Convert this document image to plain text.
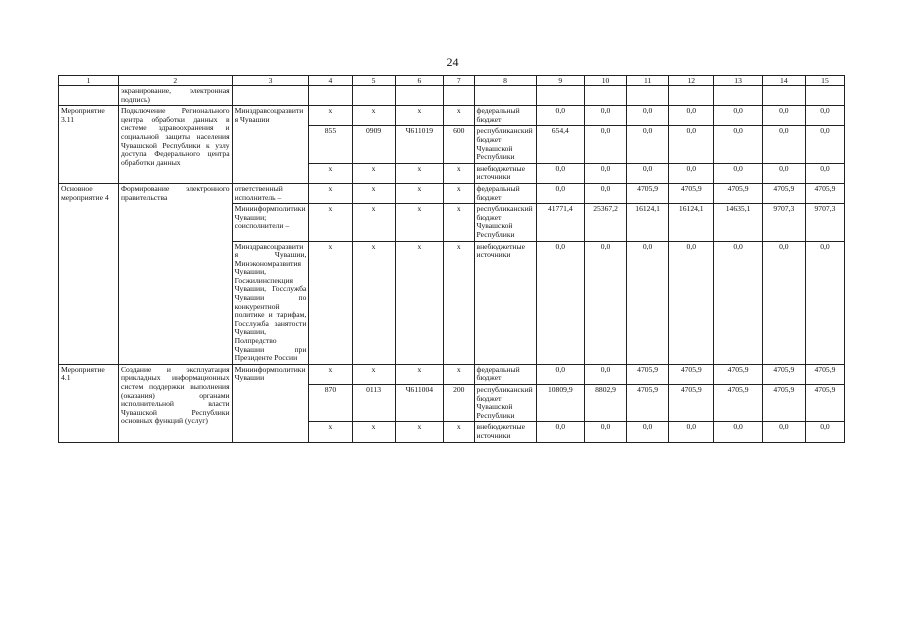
24
1	2	3	4	5	6	7	8	9	10	11	12	13	14	15
	экранирование, электронная подпись)													
Мероприятие 3.11	Подключение Регионального центра обработки данных в системе здравоохранения и социальной защиты населения Чувашской Республики к узлу доступа Федерального центра обработки данных	Минздравсоцразвития Чувашии	x	x	x	x	федеральный бюджет	0,0	0,0	0,0	0,0	0,0	0,0	0,0
			855	0909	Ч611019	600	республиканский бюджет Чувашской Республики	654,4	0,0	0,0	0,0	0,0	0,0	0,0
			x	x	x	x	внебюджетные источники	0,0	0,0	0,0	0,0	0,0	0,0	0,0
Основное мероприятие 4	Формирование электронного правительства	ответственный исполнитель –	x	x	x	x	федеральный бюджет	0,0	0,0	4705,9	4705,9	4705,9	4705,9	4705,9
		Мининформполитики Чувашии; соисполнители –	x	x	x	x	республиканский бюджет Чувашской Республики	41771,4	25367,2	16124,1	16124,1	14635,1	9707,3	9707,3
		Минздравсоцразвития Чувашии, Минэкономразвития Чувашии, Госжилинспекция Чувашии, Госслужба Чувашии по конкурентной политике и тарифам, Госслужба занятости Чувашии, Полпредство Чувашии при Президенте России	x	x	x	x	внебюджетные источники	0,0	0,0	0,0	0,0	0,0	0,0	0,0
Мероприятие 4.1	Создание и эксплуатация прикладных информационных систем поддержки выполнения (оказания) органами исполнительной власти Чувашской Республики основных функций (услуг)	Мининформполитики Чувашии	x	x	x	x	федеральный бюджет	0,0	0,0	4705,9	4705,9	4705,9	4705,9	4705,9
			870	0113	Ч611004	200	республиканский бюджет Чувашской Республики	10809,9	8802,9	4705,9	4705,9	4705,9	4705,9	4705,9
			x	x	x	x	внебюджетные источники	0,0	0,0	0,0	0,0	0,0	0,0	0,0
